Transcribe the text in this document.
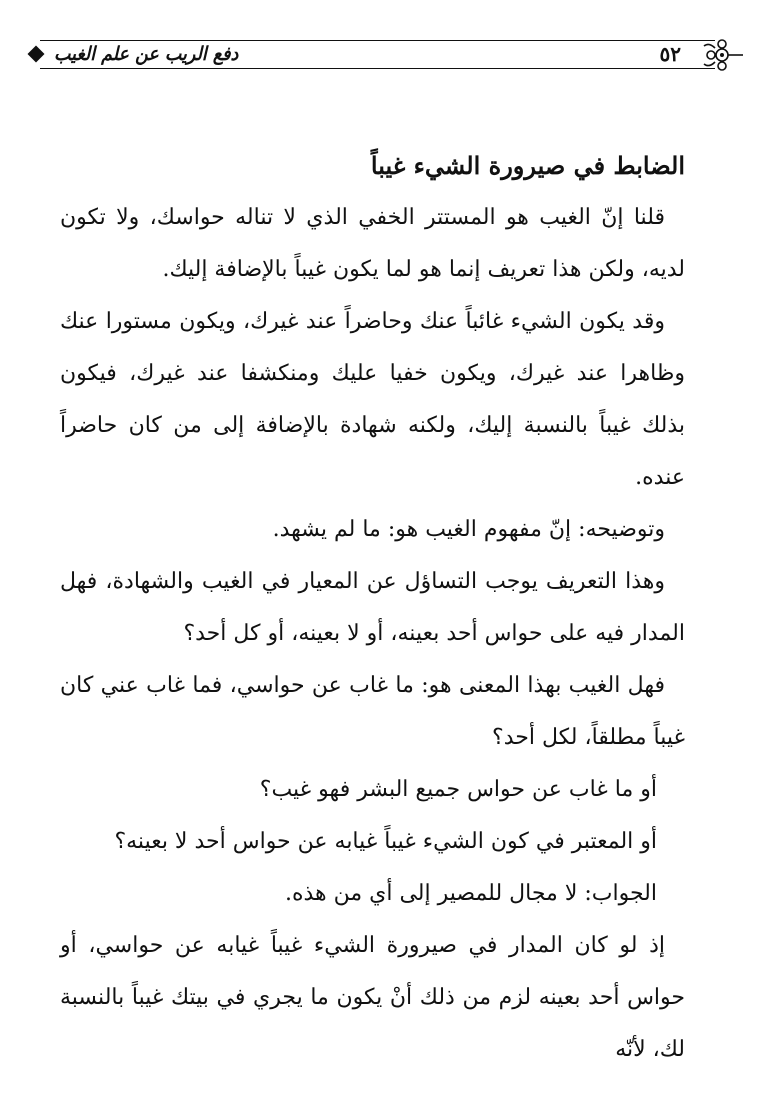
دفع الريب عن علم الغيب	٥٢

الضابط في صيرورة الشيء غيباً

قلنا إنّ الغيب هو المستتر الخفي الذي لا تناله حواسك، ولا تكون لديه، ولكن هذا تعريف إنما هو لما يكون غيباً بالإضافة إليك.

وقد يكون الشيء غائباً عنك وحاضراً عند غيرك، ويكون مستورا عنك وظاهرا عند غيرك، ويكون خفيا عليك ومنكشفا عند غيرك، فيكون بذلك غيباً بالنسبة إليك، ولكنه شهادة بالإضافة إلى من كان حاضراً عنده.

وتوضيحه: إنّ مفهوم الغيب هو: ما لم يشهد.

وهذا التعريف يوجب التساؤل عن المعيار في الغيب والشهادة، فهل المدار فيه على حواس أحد بعينه، أو لا بعينه، أو كل أحد؟

فهل الغيب بهذا المعنى هو: ما غاب عن حواسي، فما غاب عني كان غيباً مطلقاً، لكل أحد؟

أو ما غاب عن حواس جميع البشر فهو غيب؟

أو المعتبر في كون الشيء غيباً غيابه عن حواس أحد لا بعينه؟

الجواب: لا مجال للمصير إلى أي من هذه.

إذ لو كان المدار في صيرورة الشيء غيباً غيابه عن حواسي، أو حواس أحد بعينه لزم من ذلك أنْ يكون ما يجري في بيتك غيباً بالنسبة لك، لأنّه
